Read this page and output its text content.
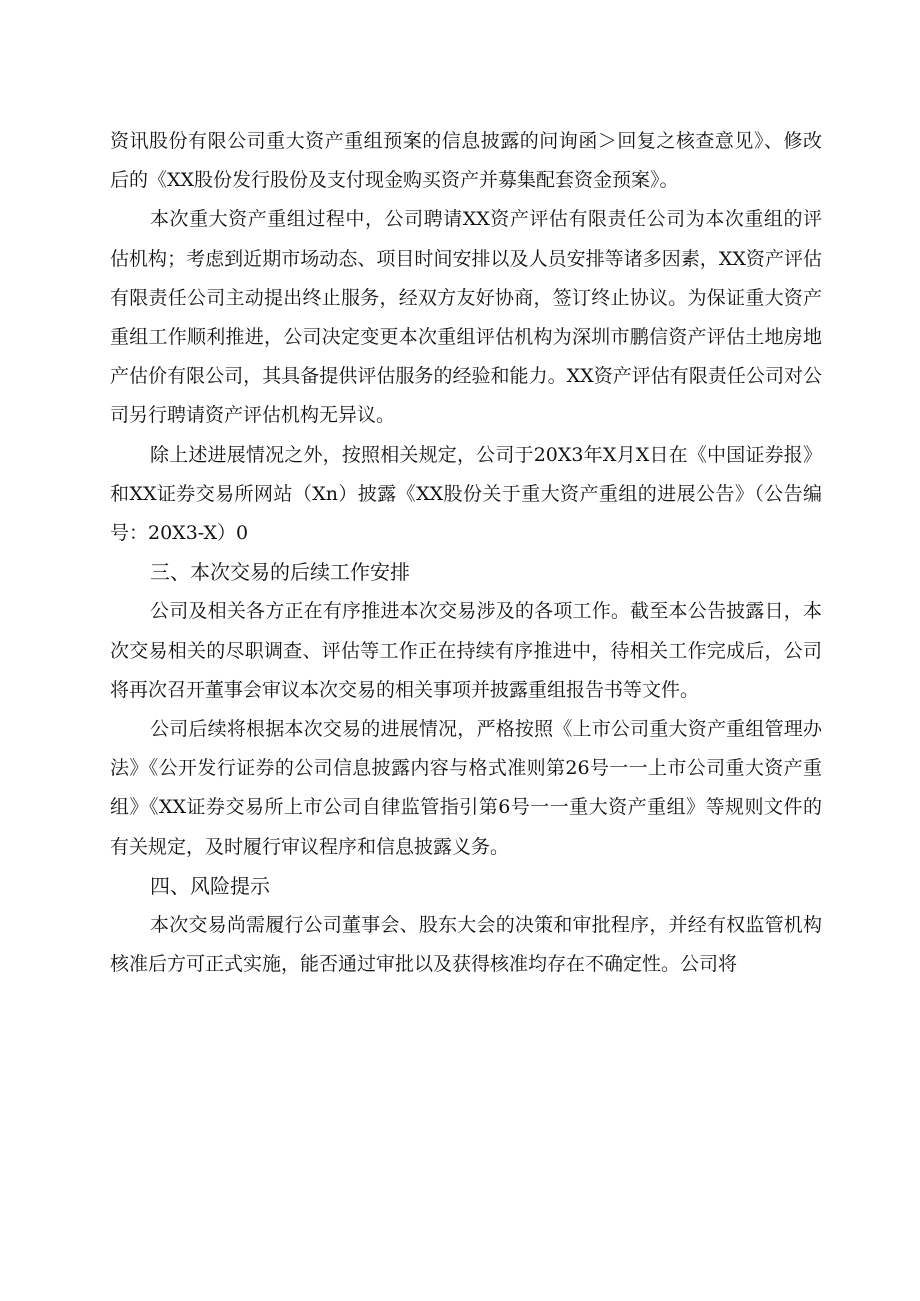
资讯股份有限公司重大资产重组预案的信息披露的问询函＞回复之核查意见》、修改后的《XX股份发行股份及支付现金购买资产并募集配套资金预案》。

本次重大资产重组过程中，公司聘请XX资产评估有限责任公司为本次重组的评估机构；考虑到近期市场动态、项目时间安排以及人员安排等诸多因素，XX资产评估有限责任公司主动提出终止服务，经双方友好协商，签订终止协议。为保证重大资产重组工作顺利推进，公司决定变更本次重组评估机构为深圳市鹏信资产评估土地房地产估价有限公司，其具备提供评估服务的经验和能力。XX资产评估有限责任公司对公司另行聘请资产评估机构无异议。

除上述进展情况之外，按照相关规定，公司于20X3年X月X日在《中国证券报》和XX证券交易所网站（Xn）披露《XX股份关于重大资产重组的进展公告》（公告编号：20X3-X）0

三、本次交易的后续工作安排

公司及相关各方正在有序推进本次交易涉及的各项工作。截至本公告披露日，本次交易相关的尽职调查、评估等工作正在持续有序推进中，待相关工作完成后，公司将再次召开董事会审议本次交易的相关事项并披露重组报告书等文件。

公司后续将根据本次交易的进展情况，严格按照《上市公司重大资产重组管理办法》《公开发行证券的公司信息披露内容与格式准则第26号一一上市公司重大资产重组》《XX证券交易所上市公司自律监管指引第6号一一重大资产重组》等规则文件的有关规定，及时履行审议程序和信息披露义务。

四、风险提示

本次交易尚需履行公司董事会、股东大会的决策和审批程序，并经有权监管机构核准后方可正式实施，能否通过审批以及获得核准均存在不确定性。公司将
